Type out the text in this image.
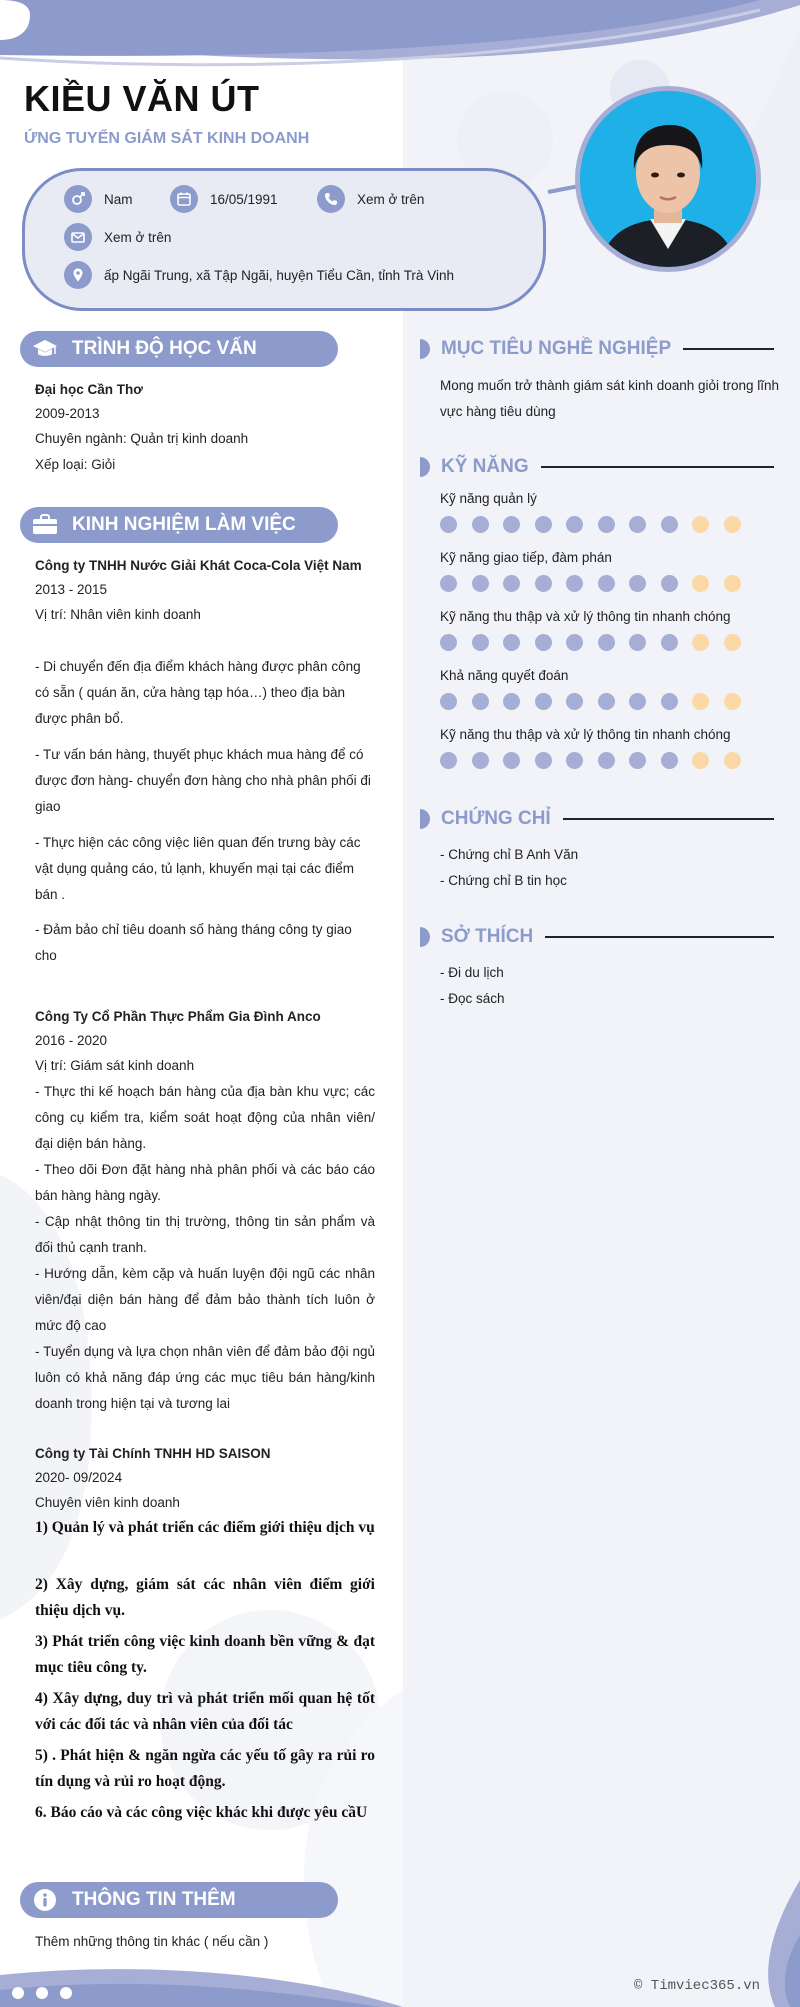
KIỀU VĂN ÚT
ỨNG TUYỂN GIÁM SÁT KINH DOANH
Nam	16/05/1991	Xem ở trên
Xem ở trên
ấp Ngãi Trung, xã Tập Ngãi, huyện Tiểu Cần, tỉnh Trà Vinh
TRÌNH ĐỘ HỌC VẤN
Đại học Cần Thơ
2009-2013
Chuyên ngành: Quản trị kinh doanh
Xếp loại: Giỏi
KINH NGHIỆM LÀM VIỆC
Công ty TNHH Nước Giải Khát Coca-Cola Việt Nam
2013 - 2015
Vị trí: Nhân viên kinh doanh
- Di chuyển đến địa điểm khách hàng được phân công có sẵn ( quán ăn, cửa hàng tạp hóa…) theo địa bàn được phân bổ.
- Tư vấn bán hàng, thuyết phục khách mua hàng để có được đơn hàng- chuyển đơn hàng cho nhà phân phối đi giao
- Thực hiện các công việc liên quan đến trưng bày các vật dụng quảng cáo, tủ lạnh, khuyến mại tại các điểm bán .
- Đảm bảo chỉ tiêu doanh số hàng tháng công ty giao cho
Công Ty Cổ Phần Thực Phẩm Gia Đình Anco
2016 - 2020
Vị trí: Giám sát kinh doanh
- Thực thi kế hoạch bán hàng của địa bàn khu vực; các công cụ kiểm tra, kiểm soát hoạt động của nhân viên/ đại diện bán hàng.
- Theo dõi Đơn đặt hàng nhà phân phối và các báo cáo bán hàng hàng ngày.
- Cập nhật thông tin thị trường, thông tin sản phẩm và đối thủ cạnh tranh.
- Hướng dẫn, kèm cặp và huấn luyện đội ngũ các nhân viên/đại diện bán hàng để đảm bảo thành tích luôn ở mức độ cao
- Tuyển dụng và lựa chọn nhân viên để đảm bảo đội ngủ luôn có khả năng đáp ứng các mục tiêu bán hàng/kinh doanh trong hiện tại và tương lai
Công ty Tài Chính TNHH HD SAISON
2020- 09/2024
Chuyên viên kinh doanh
1) Quản lý và phát triển các điểm giới thiệu dịch vụ
2) Xây dựng, giám sát các nhân viên điểm giới thiệu dịch vụ.
3) Phát triển công việc kinh doanh bền vững & đạt mục tiêu công ty.
4) Xây dựng, duy trì và phát triển mối quan hệ tốt với các đối tác và nhân viên của đối tác
5) . Phát hiện & ngăn ngừa các yếu tố gây ra rủi ro tín dụng và rủi ro hoạt động.
6. Báo cáo và các công việc khác khi được yêu cầU
THÔNG TIN THÊM
Thêm những thông tin khác ( nếu cần )
MỤC TIÊU NGHỀ NGHIỆP
Mong muốn trở thành giám sát kinh doanh giỏi trong lĩnh vực hàng tiêu dùng
KỸ NĂNG
Kỹ năng quản lý
Kỹ năng giao tiếp, đàm phán
Kỹ năng thu thập và xử lý thông tin nhanh chóng
Khả năng quyết đoán
Kỹ năng thu thập và xử lý thông tin nhanh chóng
CHỨNG CHỈ
- Chứng chỉ B Anh Văn
- Chứng chỉ B tin học
SỞ THÍCH
- Đi du lịch
- Đọc sách
© Timviec365.vn
